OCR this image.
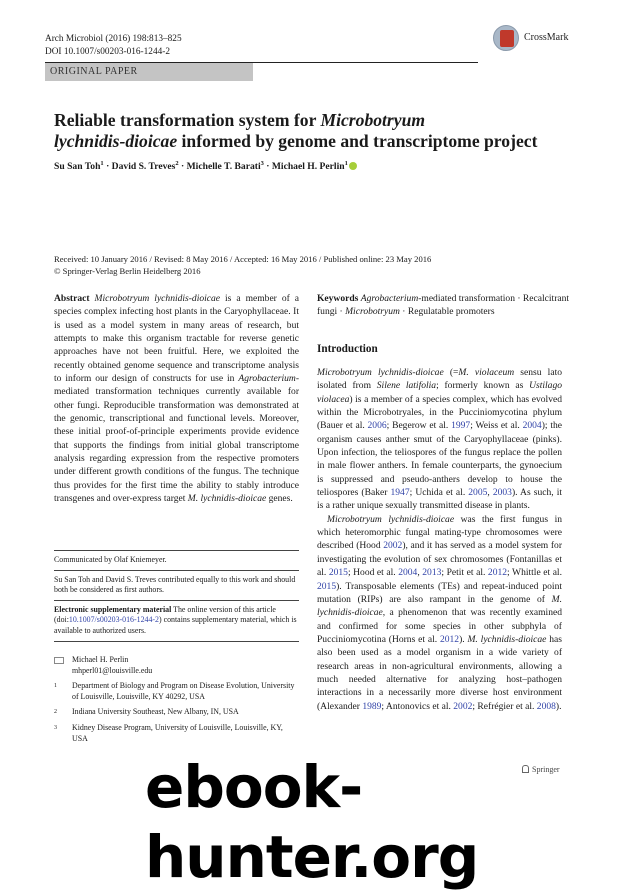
Arch Microbiol (2016) 198:813–825
DOI 10.1007/s00203-016-1244-2
CrossMark
ORIGINAL PAPER
Reliable transformation system for Microbotryum
lychnidis-dioicae informed by genome and transcriptome project
Su San Toh$^1$ · David S. Treves$^2$ · Michelle T. Barati$^3$ · Michael H. Perlin$^1$
Received: 10 January 2016 / Revised: 8 May 2016 / Accepted: 16 May 2016 / Published online: 23 May 2016
© Springer-Verlag Berlin Heidelberg 2016

Abstract Microbotryum lychnidis-dioicae is a member of a species complex infecting host plants in the Caryophyllaceae. It is used as a model system in many areas of research, but attempts to make this organism tractable for reverse genetic approaches have not been fruitful. Here, we exploited the recently obtained genome sequence and transcriptome analysis to inform our design of constructs for use in Agrobacterium-mediated transformation techniques currently available for other fungi. Reproducible transformation was demonstrated at the genomic, transcriptional and functional levels. Moreover, these initial proof-of-principle experiments provide evidence that supports the findings from initial global transcriptome analysis regarding expression from the respective promoters under different growth conditions of the fungus. The technique thus provides for the first time the ability to stably introduce transgenes and over-express target M. lychnidis-dioicae genes.

Communicated by Olaf Kniemeyer.
Su San Toh and David S. Treves contributed equally to this work and should both be considered as first authors.
Electronic supplementary material The online version of this article (doi:10.1007/s00203-016-1244-2) contains supplementary material, which is available to authorized users.
Michael H. Perlin
mhperl01@louisville.edu
1	Department of Biology and Program on Disease Evolution, University of Louisville, Louisville, KY 40292, USA
2	Indiana University Southeast, New Albany, IN, USA
3	Kidney Disease Program, University of Louisville, Louisville, KY, USA
Keywords Agrobacterium-mediated transformation · Recalcitrant fungi · Microbotryum · Regulatable promoters
Introduction

Microbotryum lychnidis-dioicae (=M. violaceum sensu lato isolated from Silene latifolia; formerly known as Ustilago violacea) is a member of a species complex, which has evolved within the Microbotryales, in the Pucciniomycotina phylum (Bauer et al. 2006; Begerow et al. 1997; Weiss et al. 2004); the organism causes anther smut of the Caryophyllaceae (pinks). Upon infection, the teliospores of the fungus replace the pollen in male flower anthers. In female counterparts, the gynoecium is suppressed and pseudo-anthers develop to house the teliospores (Baker 1947; Uchida et al. 2005, 2003). As such, it is a rather unique sexually transmitted disease in plants.

Microbotryum lychnidis-dioicae was the first fungus in which heteromorphic fungal mating-type chromosomes were described (Hood 2002), and it has served as a model system for investigating the evolution of sex chromosomes (Fontanillas et al. 2015; Hood et al. 2004, 2013; Petit et al. 2012; Whittle et al. 2015). Transposable elements (TEs) and repeat-induced point mutation (RIPs) are also rampant in the genome of M. lychnidis-dioicae, a phenomenon that was recently examined and confirmed for some species in other subphyla of Pucciniomycotina (Horns et al. 2012). M. lychnidis-dioicae has also been used as a model organism in a wide variety of research areas in non-agricultural environments, allowing a much needed alternative for analyzing host–pathogen interactions in a necessarily more diverse host environment (Alexander 1989; Antonovics et al. 2002; Refrégier et al. 2008).

Springer
ebook-hunter.org
